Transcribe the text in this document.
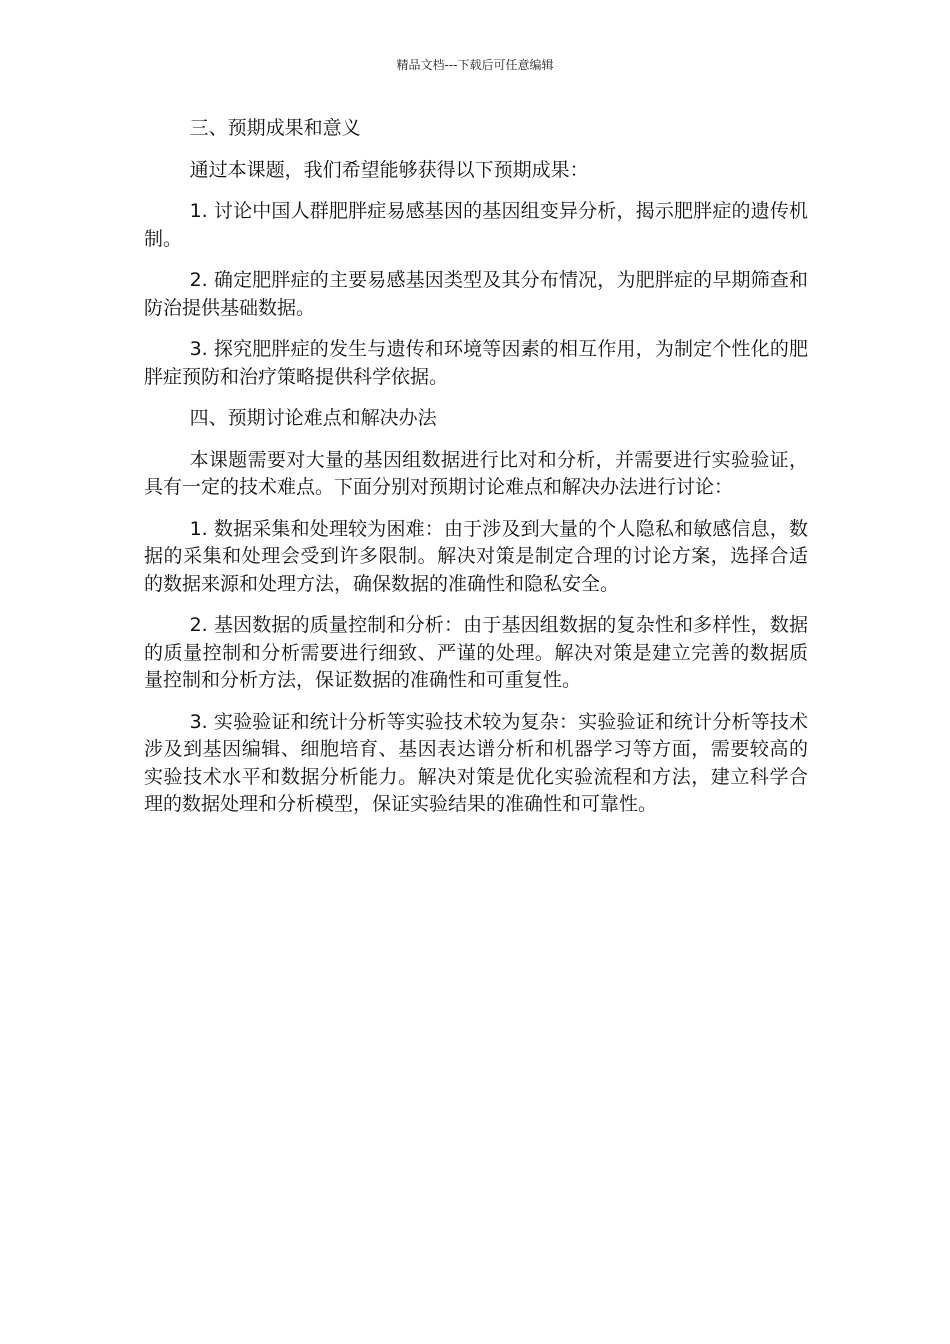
精品文档---下载后可任意编辑

三、预期成果和意义

通过本课题，我们希望能够获得以下预期成果：

1. 讨论中国人群肥胖症易感基因的基因组变异分析，揭示肥胖症的遗传机制。

2. 确定肥胖症的主要易感基因类型及其分布情况，为肥胖症的早期筛查和防治提供基础数据。

3. 探究肥胖症的发生与遗传和环境等因素的相互作用，为制定个性化的肥胖症预防和治疗策略提供科学依据。

四、预期讨论难点和解决办法

本课题需要对大量的基因组数据进行比对和分析，并需要进行实验验证，具有一定的技术难点。下面分别对预期讨论难点和解决办法进行讨论：

1. 数据采集和处理较为困难：由于涉及到大量的个人隐私和敏感信息，数据的采集和处理会受到许多限制。解决对策是制定合理的讨论方案，选择合适的数据来源和处理方法，确保数据的准确性和隐私安全。

2. 基因数据的质量控制和分析：由于基因组数据的复杂性和多样性，数据的质量控制和分析需要进行细致、严谨的处理。解决对策是建立完善的数据质量控制和分析方法，保证数据的准确性和可重复性。

3. 实验验证和统计分析等实验技术较为复杂：实验验证和统计分析等技术涉及到基因编辑、细胞培育、基因表达谱分析和机器学习等方面，需要较高的实验技术水平和数据分析能力。解决对策是优化实验流程和方法，建立科学合理的数据处理和分析模型，保证实验结果的准确性和可靠性。
